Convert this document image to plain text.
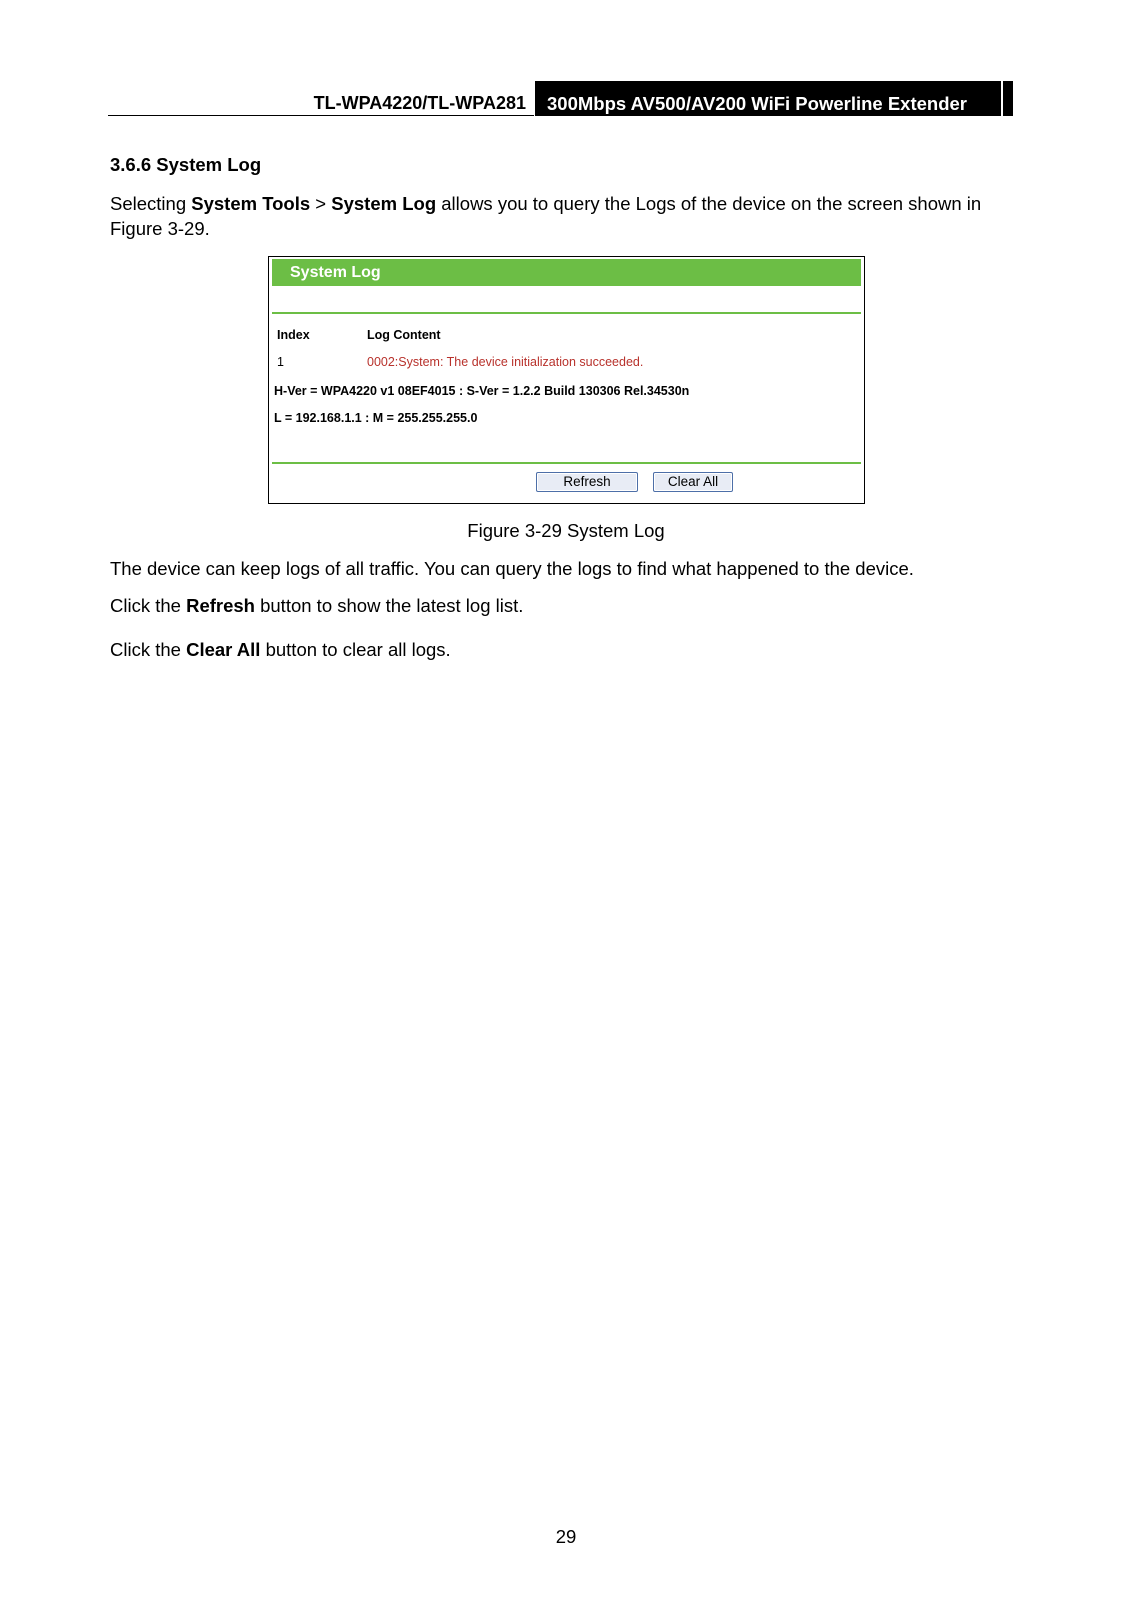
TL-WPA4220/TL-WPA281	300Mbps AV500/AV200 WiFi Powerline Extender
3.6.6 System Log
Selecting System Tools > System Log allows you to query the Logs of the device on the screen shown in Figure 3-29.
System Log
Index	Log Content
1	0002:System: The device initialization succeeded.
H-Ver = WPA4220 v1 08EF4015 : S-Ver = 1.2.2 Build 130306 Rel.34530n
L = 192.168.1.1 : M = 255.255.255.0
Refresh	Clear All
Figure 3-29 System Log
The device can keep logs of all traffic. You can query the logs to find what happened to the device.
Click the Refresh button to show the latest log list.
Click the Clear All button to clear all logs.
29
